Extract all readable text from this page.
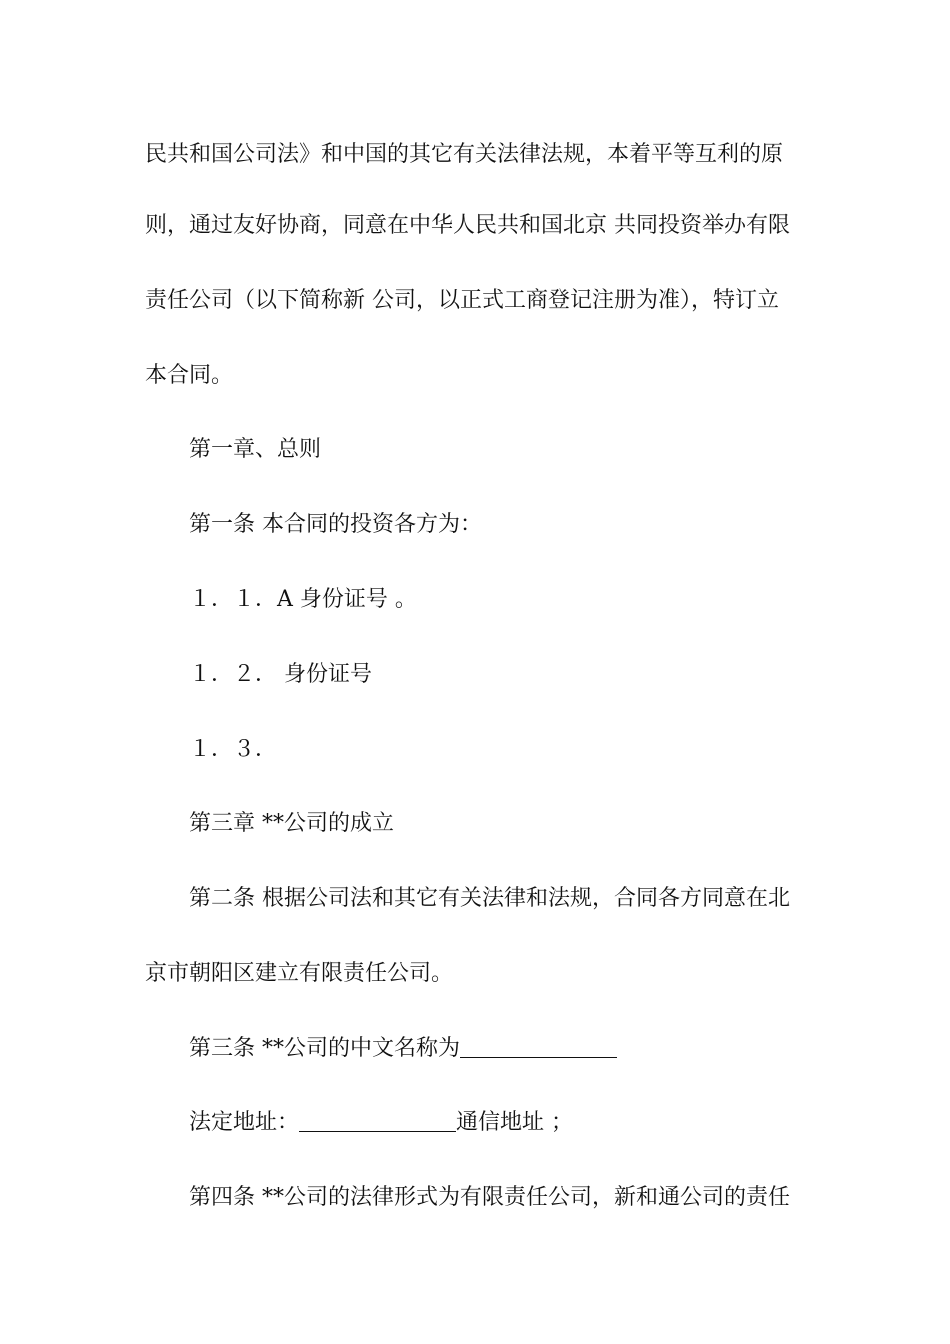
民共和国公司法》和中国的其它有关法律法规，本着平等互利的原

则，通过友好协商，同意在中华人民共和国北京 共同投资举办有限

责任公司（以下简称新 公司，以正式工商登记注册为准），特订立

本合同。

第一章、总则

第一条 本合同的投资各方为：

１．１．A 身份证号 。

１．２． 身份证号

１．３．

第三章 **公司的成立

第二条 根据公司法和其它有关法律和法规，合同各方同意在北

京市朝阳区建立有限责任公司。

第三条 **公司的中文名称为

法定地址：	通信地址 ；

第四条 **公司的法律形式为有限责任公司，新和通公司的责任
